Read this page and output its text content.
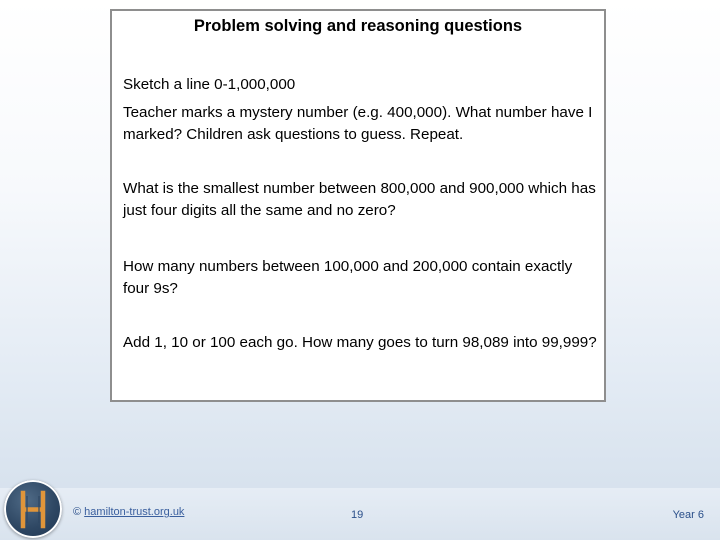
Problem solving and reasoning questions

Sketch a line 0-1,000,000

Teacher marks a mystery number (e.g. 400,000). What number have I marked? Children ask questions to guess. Repeat.

What is the smallest number between 800,000 and 900,000 which has just four digits all the same and no zero?

How many numbers between 100,000 and 200,000 contain exactly four 9s?

Add 1, 10 or 100 each go. How many goes to turn 98,089 into 99,999?

© hamilton-trust.org.uk	19	Year 6
